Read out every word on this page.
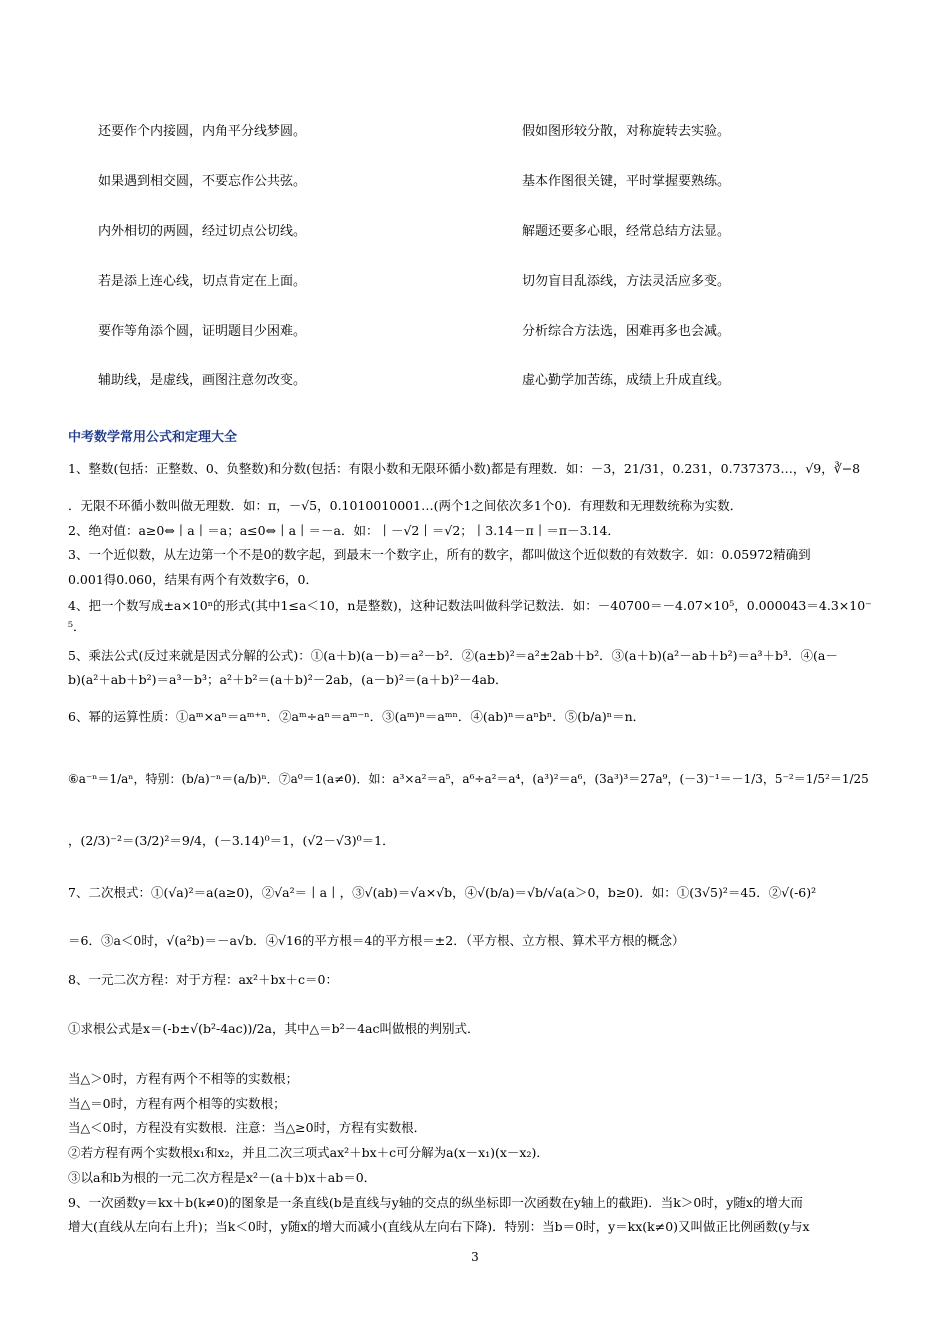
还要作个内接圆，内角平分线梦圆。
如果遇到相交圆，不要忘作公共弦。
内外相切的两圆，经过切点公切线。
若是添上连心线，切点肯定在上面。
要作等角添个圆，证明题目少困难。
辅助线，是虚线，画图注意勿改变。
假如图形较分散，对称旋转去实验。
基本作图很关键，平时掌握要熟练。
解题还要多心眼，经常总结方法显。
切勿盲目乱添线，方法灵活应多变。
分析综合方法选，困难再多也会减。
虚心勤学加苦练，成绩上升成直线。
中考数学常用公式和定理大全
1、整数(包括：正整数、0、负整数)和分数(包括：有限小数和无限环循小数)都是有理数．如：－3，21/31，0.231，0.737373…，√9，∛−8
．无限不环循小数叫做无理数．如：π，－√5，0.1010010001…(两个1之间依次多1个0)．有理数和无理数统称为实数．
2、绝对值：a≥0⇔丨a丨＝a；a≤0⇔丨a丨＝－a．如：丨－√2丨＝√2；丨3.14－π丨＝π－3.14．
3、一个近似数，从左边第一个不是0的数字起，到最末一个数字止，所有的数字，都叫做这个近似数的有效数字．如：0.05972精确到
0.001得0.060，结果有两个有效数字6，0．
4、把一个数写成±a×10ⁿ的形式(其中1≤a＜10，n是整数)，这种记数法叫做科学记数法．如：－40700＝－4.07×10⁵，0.000043＝4.3×10⁻
⁵．
5、乘法公式(反过来就是因式分解的公式)：①(a＋b)(a－b)＝a²－b²．②(a±b)²＝a²±2ab＋b²．③(a＋b)(a²－ab＋b²)＝a³＋b³．④(a－
b)(a²＋ab＋b²)＝a³－b³；a²＋b²＝(a＋b)²－2ab，(a－b)²＝(a＋b)²－4ab．
6、幂的运算性质：①aᵐ×aⁿ＝aᵐ⁺ⁿ．②aᵐ÷aⁿ＝aᵐ⁻ⁿ．③(aᵐ)ⁿ＝aᵐⁿ．④(ab)ⁿ＝aⁿbⁿ．⑤(b/a)ⁿ＝n．
⑥a⁻ⁿ＝1/aⁿ，特别：(b/a)⁻ⁿ＝(a/b)ⁿ．⑦a⁰＝1(a≠0)．如：a³×a²＝a⁵，a⁶÷a²＝a⁴，(a³)²＝a⁶，(3a³)³＝27a⁹，(－3)⁻¹＝－1/3，5⁻²＝1/5²＝1/25
，(2/3)⁻²＝(3/2)²＝9/4，(－3.14)⁰＝1，(√2－√3)⁰＝1．
7、二次根式：①(√a)²＝a(a≥0)，②√a²＝丨a丨，③√(ab)＝√a×√b，④√(b/a)＝√b/√a(a＞0，b≥0)．如：①(3√5)²＝45．②√(-6)²
＝6．③a＜0时，√(a²b)＝－a√b．④√16的平方根＝4的平方根＝±2．（平方根、立方根、算术平方根的概念）
8、一元二次方程：对于方程：ax²＋bx＋c＝0：
①求根公式是x＝(-b±√(b²-4ac))/2a，其中△＝b²－4ac叫做根的判别式．
当△＞0时，方程有两个不相等的实数根；
当△＝0时，方程有两个相等的实数根；
当△＜0时，方程没有实数根．注意：当△≥0时，方程有实数根．
②若方程有两个实数根x₁和x₂，并且二次三项式ax²＋bx＋c可分解为a(x－x₁)(x－x₂)．
③以a和b为根的一元二次方程是x²－(a＋b)x＋ab＝0．
9、一次函数y＝kx＋b(k≠0)的图象是一条直线(b是直线与y轴的交点的纵坐标即一次函数在y轴上的截距)．当k＞0时，y随x的增大而
增大(直线从左向右上升)；当k＜0时，y随x的增大而减小(直线从左向右下降)．特别：当b＝0时，y＝kx(k≠0)又叫做正比例函数(y与x
3
